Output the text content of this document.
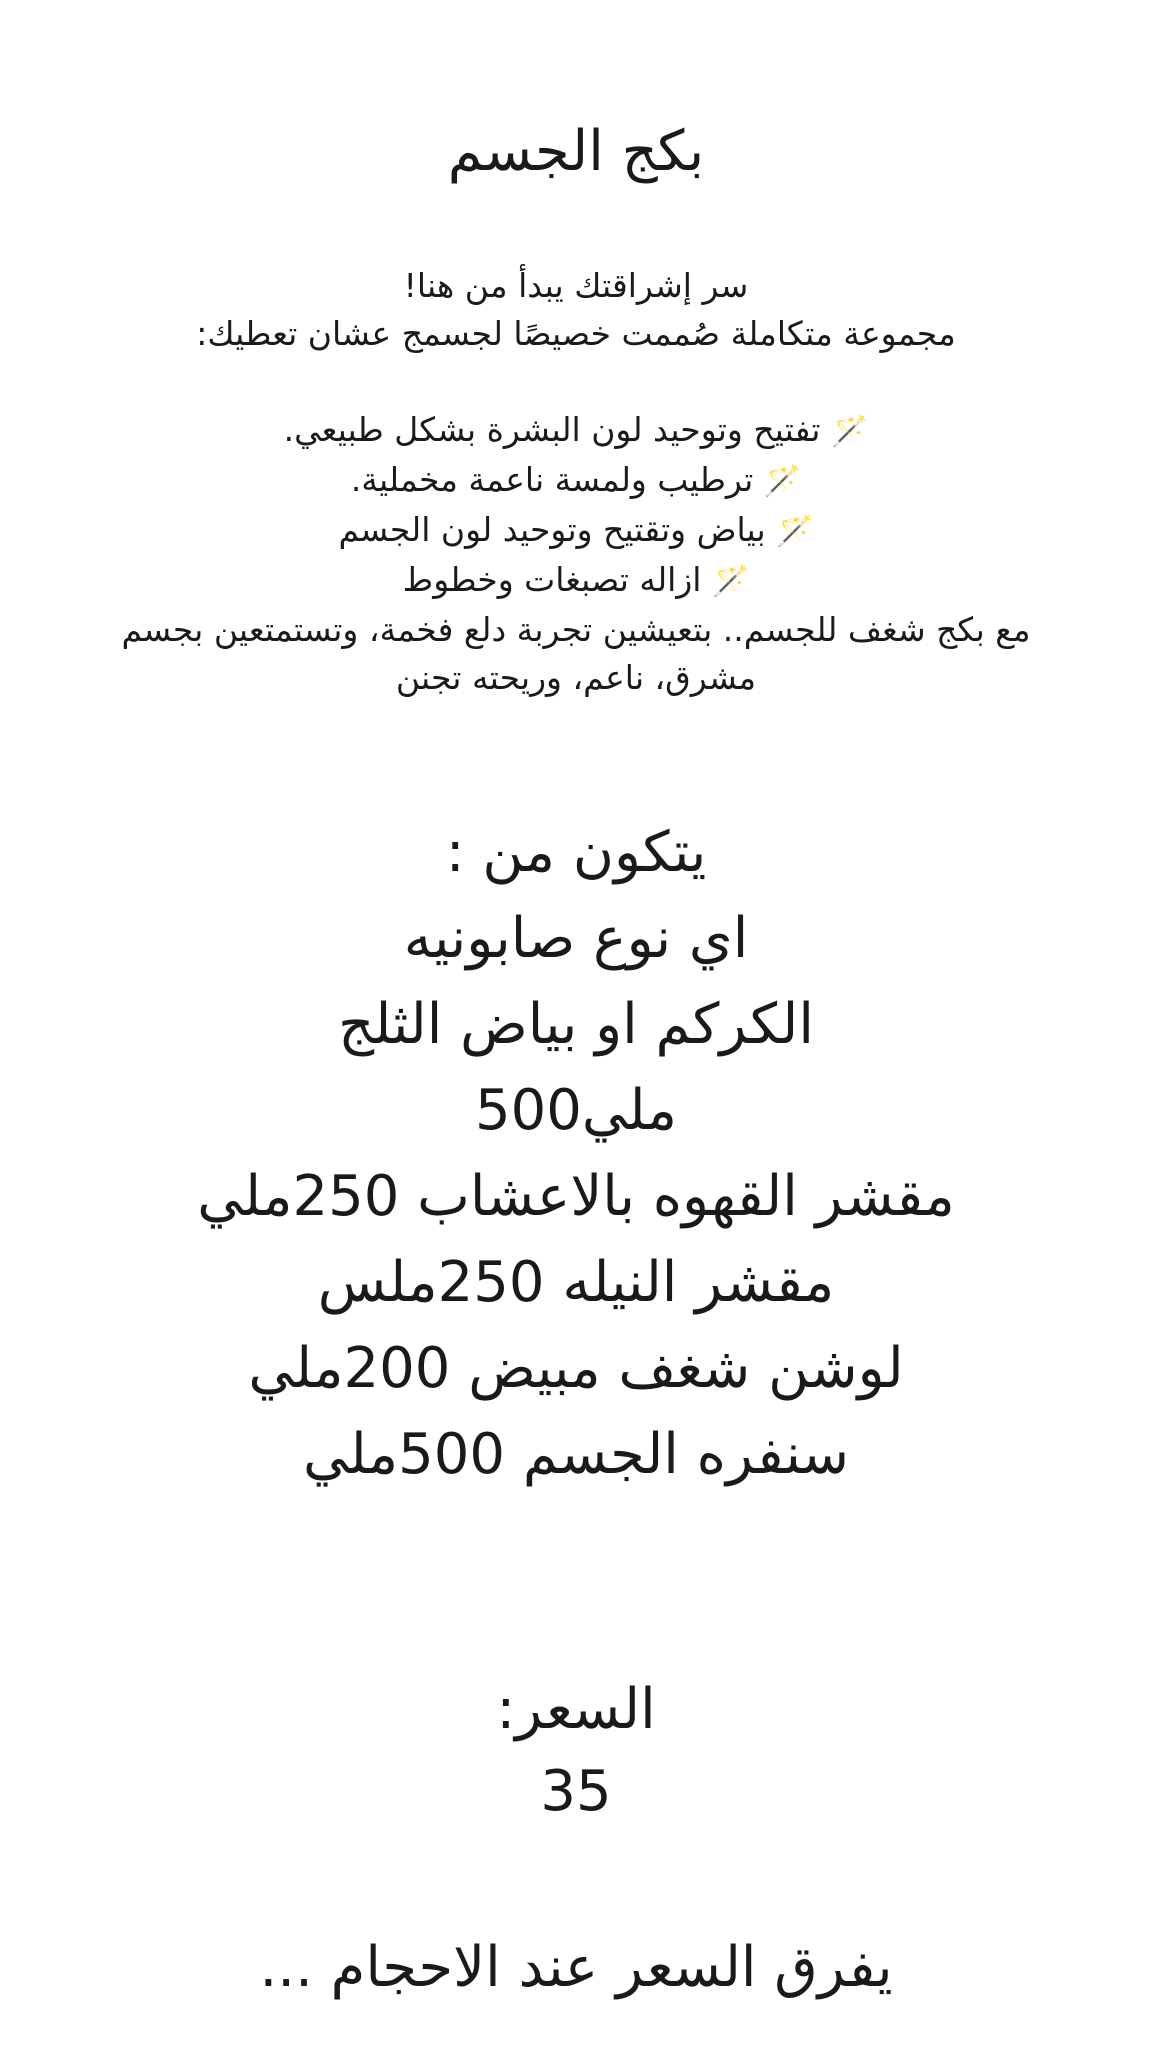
بكج الجسم
سر إشراقتك يبدأ من هنا!
مجموعة متكاملة صُممت خصيصًا لجسمج عشان تعطيك:
🪄 تفتيح وتوحيد لون البشرة بشكل طبيعي.
🪄 ترطيب ولمسة ناعمة مخملية.
🪄 بياض وتقتيح وتوحيد لون الجسم
🪄 ازاله تصبغات وخطوط
مع بكج شغف للجسم.. بتعيشين تجربة دلع فخمة، وتستمتعين بجسم
مشرق، ناعم، وريحته تجنن
يتكون من :
اي نوع صابونيه
الكركم او بياض الثلج
ملي500
مقشر القهوه بالاعشاب 250ملي
مقشر النيله 250ملس
لوشن شغف مبيض 200ملي
سنفره الجسم 500ملي
السعر:
35
يفرق السعر عند الاحجام ...
